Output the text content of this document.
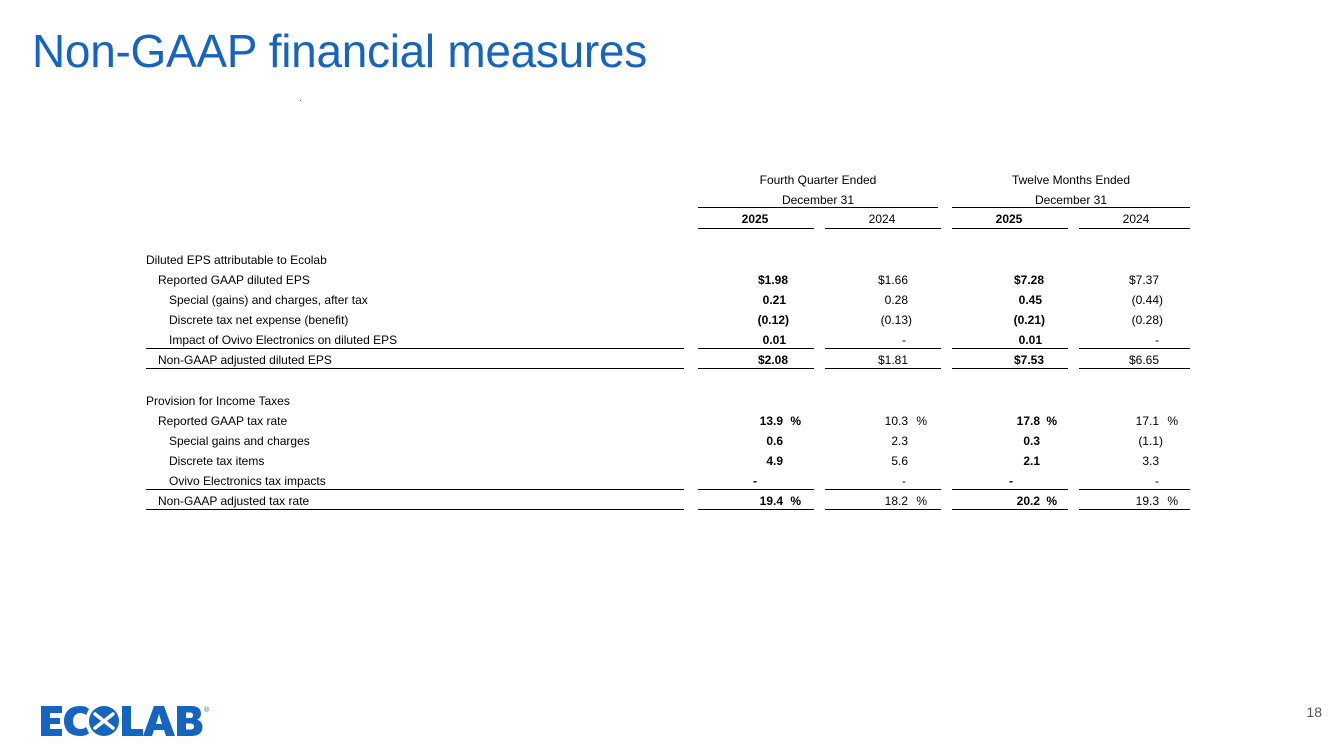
Non-GAAP financial measures
Fourth Quarter Ended
December 31
Twelve Months Ended
December 31
2025	2024	2025	2024
Diluted EPS attributable to Ecolab
Reported GAAP diluted EPS	$1.98	$1.66	$7.28	$7.37
Special (gains) and charges, after tax	0.21	0.28	0.45	(0.44)
Discrete tax net expense (benefit)	(0.12)	(0.13)	(0.21)	(0.28)
Impact of Ovivo Electronics on diluted EPS	0.01	-	0.01	-
Non-GAAP adjusted diluted EPS	$2.08	$1.81	$7.53	$6.65
Provision for Income Taxes
Reported GAAP tax rate	13.9 %	10.3 %	17.8 %	17.1 %
Special gains and charges	0.6	2.3	0.3	(1.1)
Discrete tax items	4.9	5.6	2.1	3.3
Ovivo Electronics tax impacts	-	-	-	-
Non-GAAP adjusted tax rate	19.4 %	18.2 %	20.2 %	19.3 %
®	18
